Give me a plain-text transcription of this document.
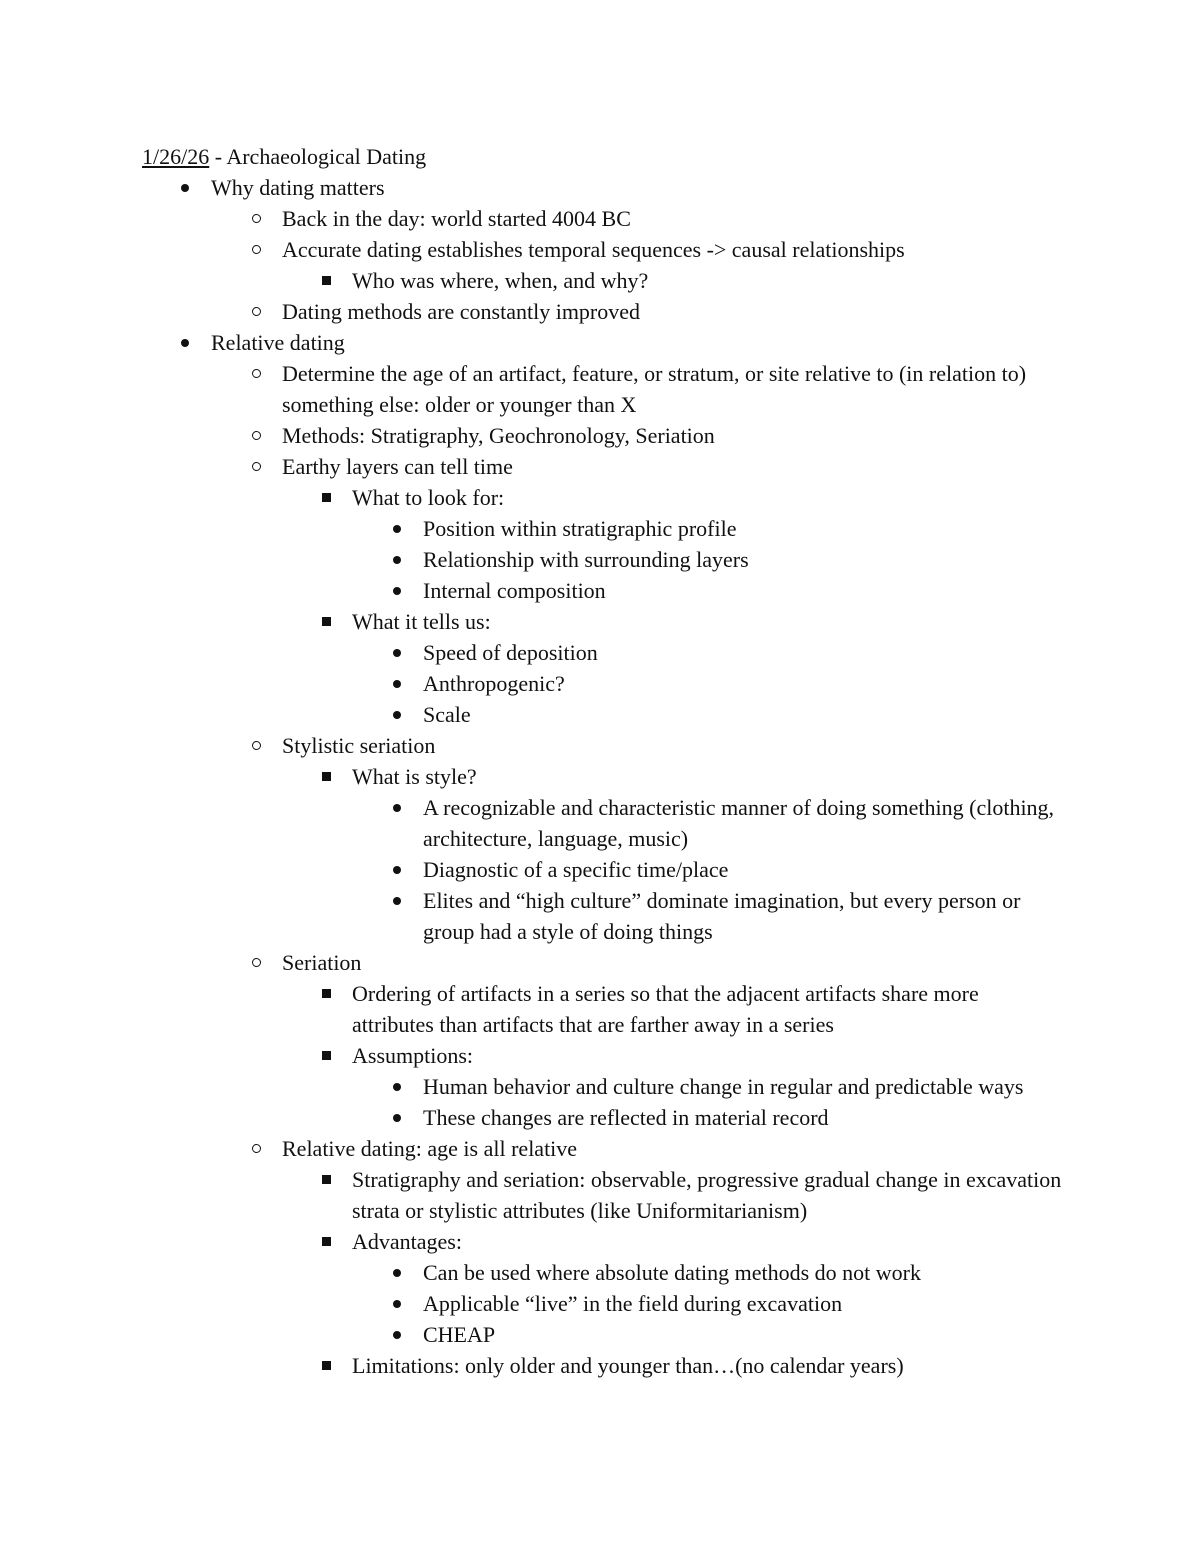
1/26/26 - Archaeological Dating
Why dating matters
Back in the day: world started 4004 BC
Accurate dating establishes temporal sequences -> causal relationships
Who was where, when, and why?
Dating methods are constantly improved
Relative dating
Determine the age of an artifact, feature, or stratum, or site relative to (in relation to) something else: older or younger than X
Methods: Stratigraphy, Geochronology, Seriation
Earthy layers can tell time
What to look for:
Position within stratigraphic profile
Relationship with surrounding layers
Internal composition
What it tells us:
Speed of deposition
Anthropogenic?
Scale
Stylistic seriation
What is style?
A recognizable and characteristic manner of doing something (clothing, architecture, language, music)
Diagnostic of a specific time/place
Elites and “high culture” dominate imagination, but every person or group had a style of doing things
Seriation
Ordering of artifacts in a series so that the adjacent artifacts share more attributes than artifacts that are farther away in a series
Assumptions:
Human behavior and culture change in regular and predictable ways
These changes are reflected in material record
Relative dating: age is all relative
Stratigraphy and seriation: observable, progressive gradual change in excavation strata or stylistic attributes (like Uniformitarianism)
Advantages:
Can be used where absolute dating methods do not work
Applicable “live” in the field during excavation
CHEAP
Limitations: only older and younger than…(no calendar years)
